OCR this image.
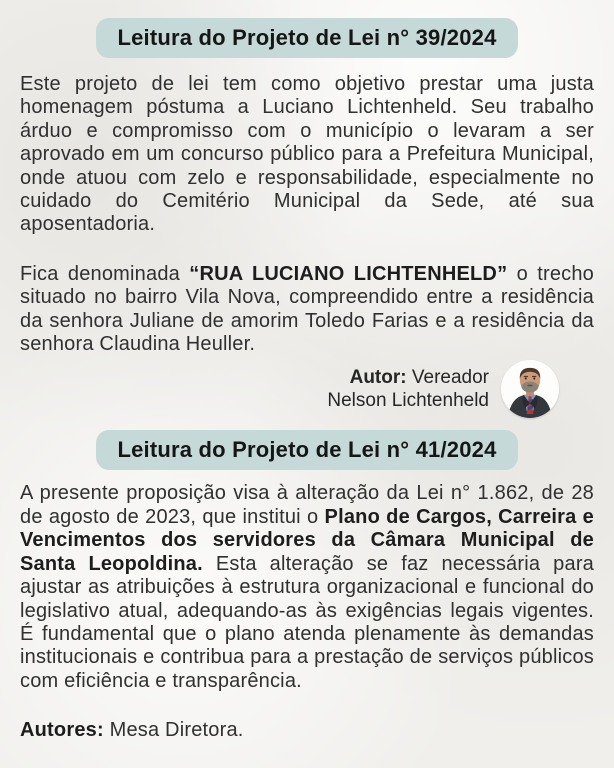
Leitura do Projeto de Lei n° 39/2024

Este projeto de lei tem como objetivo prestar uma justa homenagem póstuma a Luciano Lichtenheld. Seu trabalho árduo e compromisso com o município o levaram a ser aprovado em um concurso público para a Prefeitura Municipal, onde atuou com zelo e responsabilidade, especialmente no cuidado do Cemitério Municipal da Sede, até sua aposentadoria.

Fica denominada “RUA LUCIANO LICHTENHELD” o trecho situado no bairro Vila Nova, compreendido entre a residência da senhora Juliane de amorim Toledo Farias e a residência da senhora Claudina Heuller.

Autor: Vereador
Nelson Lichtenheld
Leitura do Projeto de Lei n° 41/2024

A presente proposição visa à alteração da Lei n° 1.862, de 28 de agosto de 2023, que institui o Plano de Cargos, Carreira e Vencimentos dos servidores da Câmara Municipal de Santa Leopoldina. Esta alteração se faz necessária para ajustar as atribuições à estrutura organizacional e funcional do legislativo atual, adequando-as às exigências legais vigentes. É fundamental que o plano atenda plenamente às demandas institucionais e contribua para a prestação de serviços públicos com eficiência e transparência.

Autores: Mesa Diretora.
